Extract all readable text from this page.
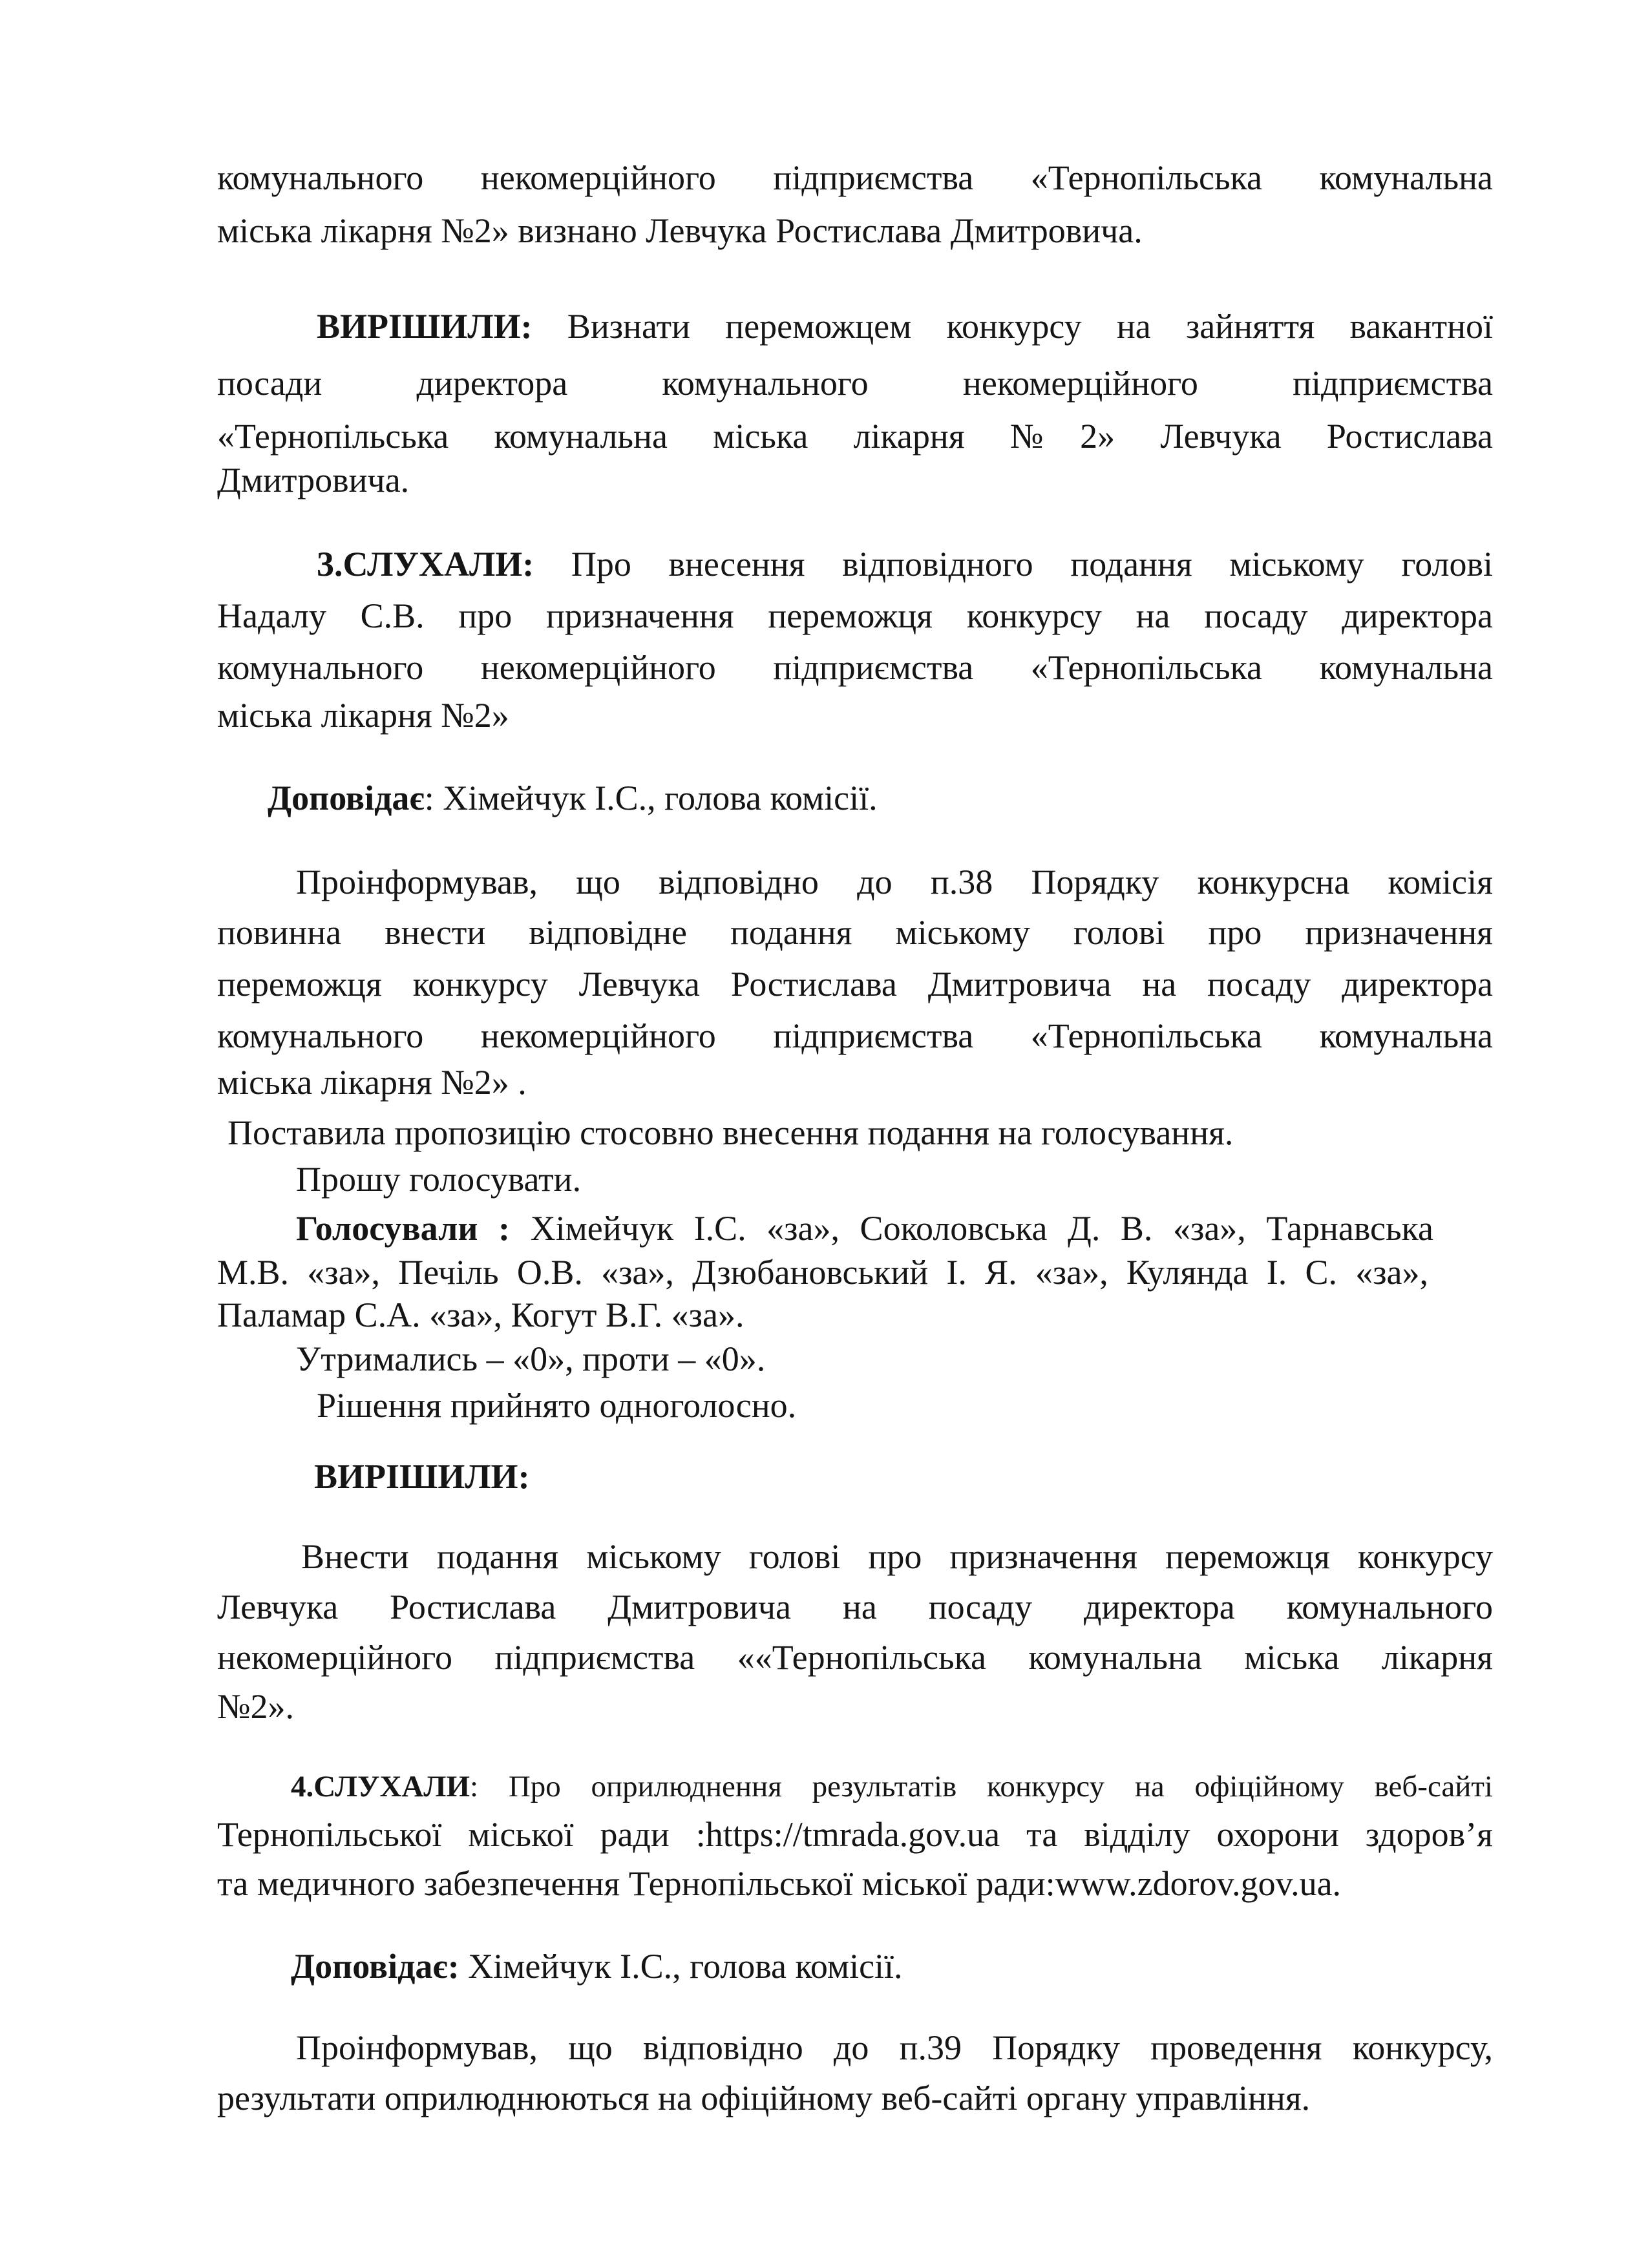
комунального некомерційного підприємства «Тернопільська комунальна

міська лікарня №2» визнано Левчука Ростислава Дмитровича.

ВИРІШИЛИ: Визнати переможцем конкурсу на зайняття вакантної

посади директора комунального некомерційного підприємства

«Тернопільська комунальна міська лікарня №2» Левчука Ростислава

Дмитровича.

3.СЛУХАЛИ: Про внесення відповідного подання міському голові

Надалу С.В. про призначення переможця конкурсу на посаду директора

комунального некомерційного підприємства «Тернопільська комунальна

міська лікарня №2»

Доповідає: Хімейчук І.С., голова комісії.

Проінформував, що відповідно до п.38 Порядку конкурсна комісія

повинна внести відповідне подання міському голові про призначення

переможця конкурсу Левчука Ростислава Дмитровича на посаду директора

комунального некомерційного підприємства «Тернопільська комунальна

міська лікарня №2» .

Поставила пропозицію стосовно внесення подання на голосування.

Прошу голосувати.

Голосували : Хімейчук І.С. «за», Соколовська Д. В. «за», Тарнавська

М.В. «за», Печіль О.В. «за», Дзюбановський І. Я. «за», Кулянда І. С. «за»,

Паламар С.А. «за», Когут В.Г. «за».

Утримались – «0», проти – «0».

Рішення прийнято одноголосно.

ВИРІШИЛИ:

Внести подання міському голові про призначення переможця конкурсу

Левчука Ростислава Дмитровича на посаду директора комунального

некомерційного підприємства ««Тернопільська комунальна міська лікарня

№2».

4.СЛУХАЛИ: Про оприлюднення результатів конкурсу на офіційному веб-сайті

Тернопільської міської ради :https://tmrada.gov.ua та відділу охорони здоров’я

та медичного забезпечення Тернопільської міської ради:www.zdorov.gov.ua.

Доповідає: Хімейчук І.С., голова комісії.

Проінформував, що відповідно до п.39 Порядку проведення конкурсу,

результати оприлюднюються на офіційному веб-сайті органу управління.
